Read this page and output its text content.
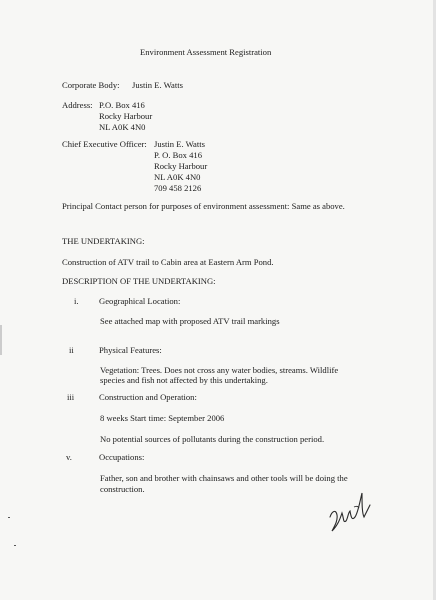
Environment Assessment Registration
Corporate Body: Justin E. Watts
Address: P.O. Box 416
Rocky Harbour
NL A0K 4N0
Chief Executive Officer: Justin E. Watts
P. O. Box 416
Rocky Harbour
NL A0K 4N0
709 458 2126
Principal Contact person for purposes of environment assessment: Same as above.
THE UNDERTAKING:
Construction of ATV trail to Cabin area at Eastern Arm Pond.
DESCRIPTION OF THE UNDERTAKING:
i. Geographical Location:
See attached map with proposed ATV trail markings
ii	Physical Features:
Vegetation: Trees. Does not cross any water bodies, streams. Wildlife
species and fish not affected by this undertaking.
iii	Construction and Operation:
8 weeks Start time: September 2006
No potential sources of pollutants during the construction period.
v.	Occupations:
Father, son and brother with chainsaws and other tools will be doing the
construction.
